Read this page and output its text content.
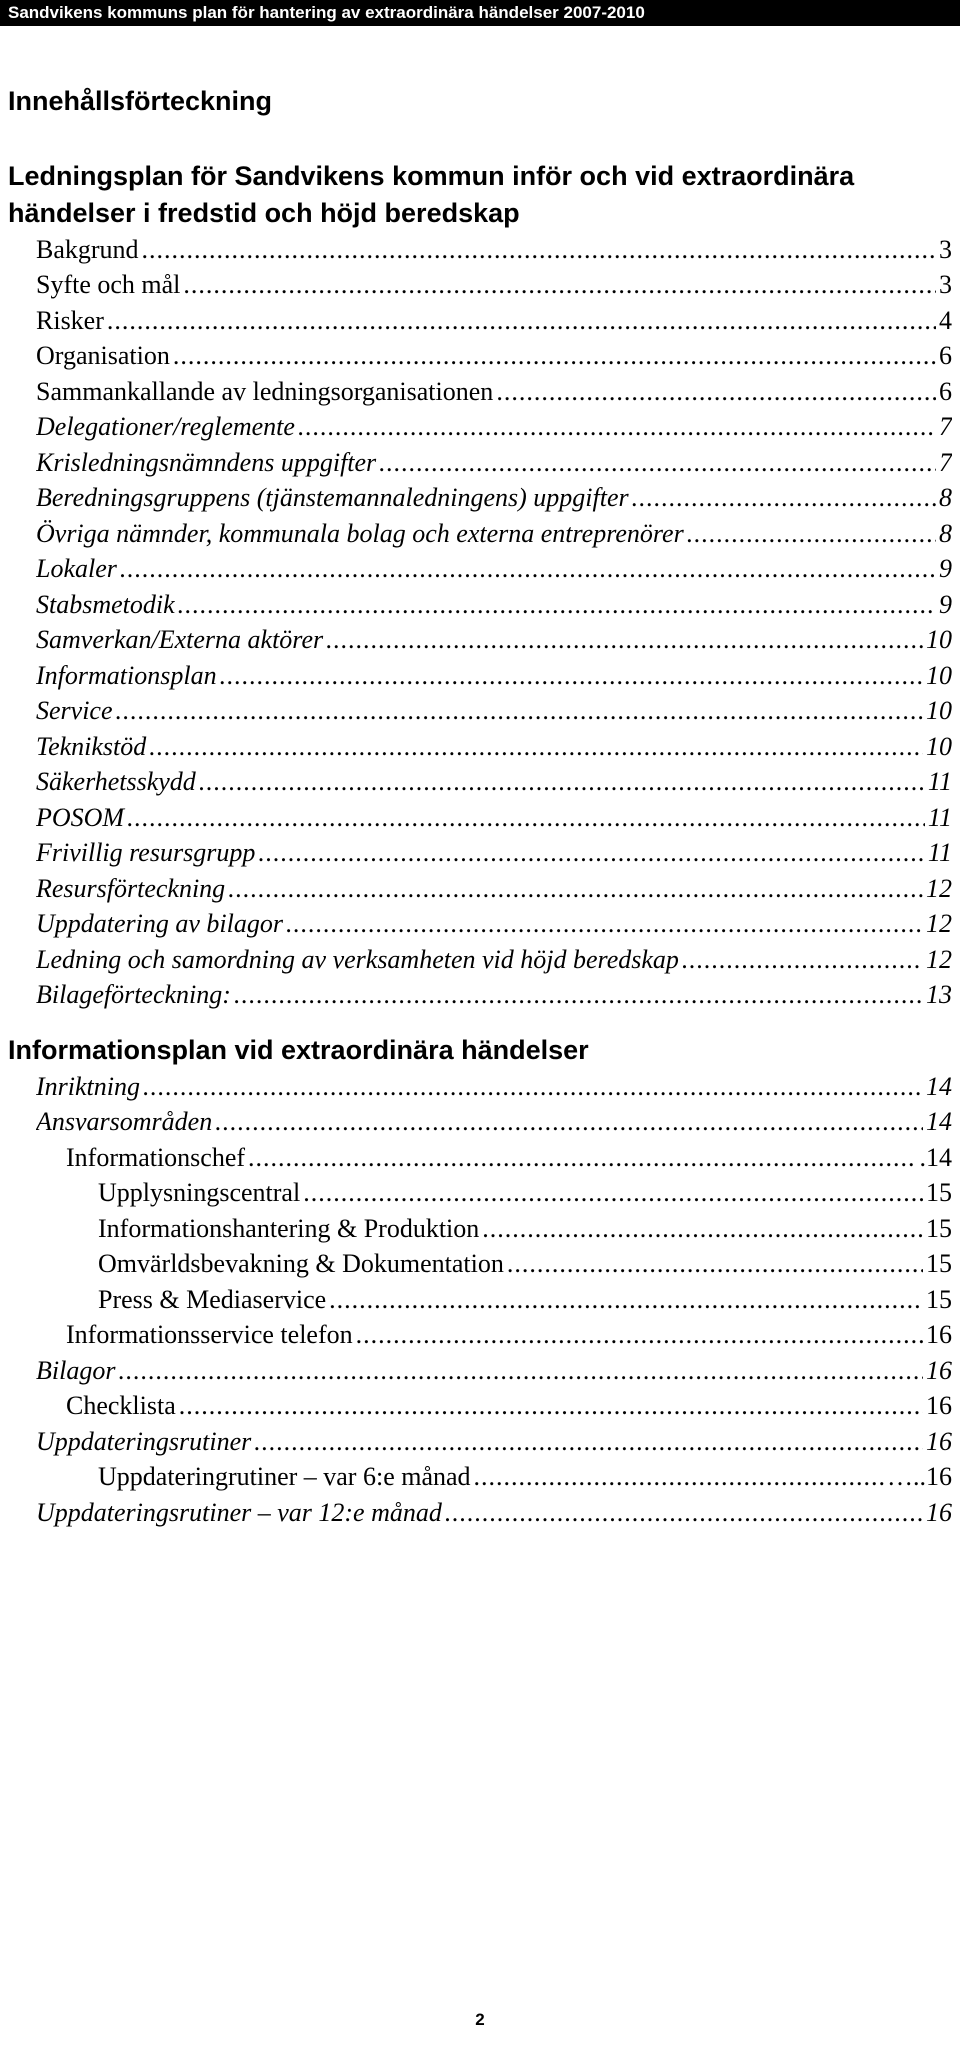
Sandvikens kommuns plan för hantering av extraordinära händelser 2007-2010
Innehållsförteckning
Ledningsplan för Sandvikens kommun inför och vid extraordinära
händelser i fredstid och höjd beredskap
Bakgrund .....	3
Syfte och mål .....	3
Risker .....	4
Organisation .....	6
Sammankallande av ledningsorganisationen .....	6
Delegationer/reglemente .....	7
Krisledningsnämndens uppgifter .....	7
Beredningsgruppens (tjänstemannaledningens) uppgifter .....	8
Övriga nämnder, kommunala bolag och externa entreprenörer .....	8
Lokaler .....	9
Stabsmetodik .....	9
Samverkan/Externa aktörer .....	10
Informationsplan .....	10
Service .....	10
Teknikstöd .....	10
Säkerhetsskydd .....	11
POSOM .....	11
Frivillig resursgrupp .....	11
Resursförteckning .....	12
Uppdatering av bilagor .....	12
Ledning och samordning av verksamheten vid höjd beredskap .....	12
Bilageförteckning: .....	13
Informationsplan vid extraordinära händelser
Inriktning .....	14
Ansvarsområden .....	14
Informationschef .....	.14
Upplysningscentral .....	15
Informationshantering & Produktion .....	15
Omvärldsbevakning & Dokumentation .....	15
Press & Mediaservice .....	15
Informationsservice telefon .....	16
Bilagor .....	16
Checklista .....	16
Uppdateringsrutiner .....	16
Uppdateringrutiner – var 6:e månad .....	…..16
Uppdateringsrutiner – var 12:e månad .....	16
2
